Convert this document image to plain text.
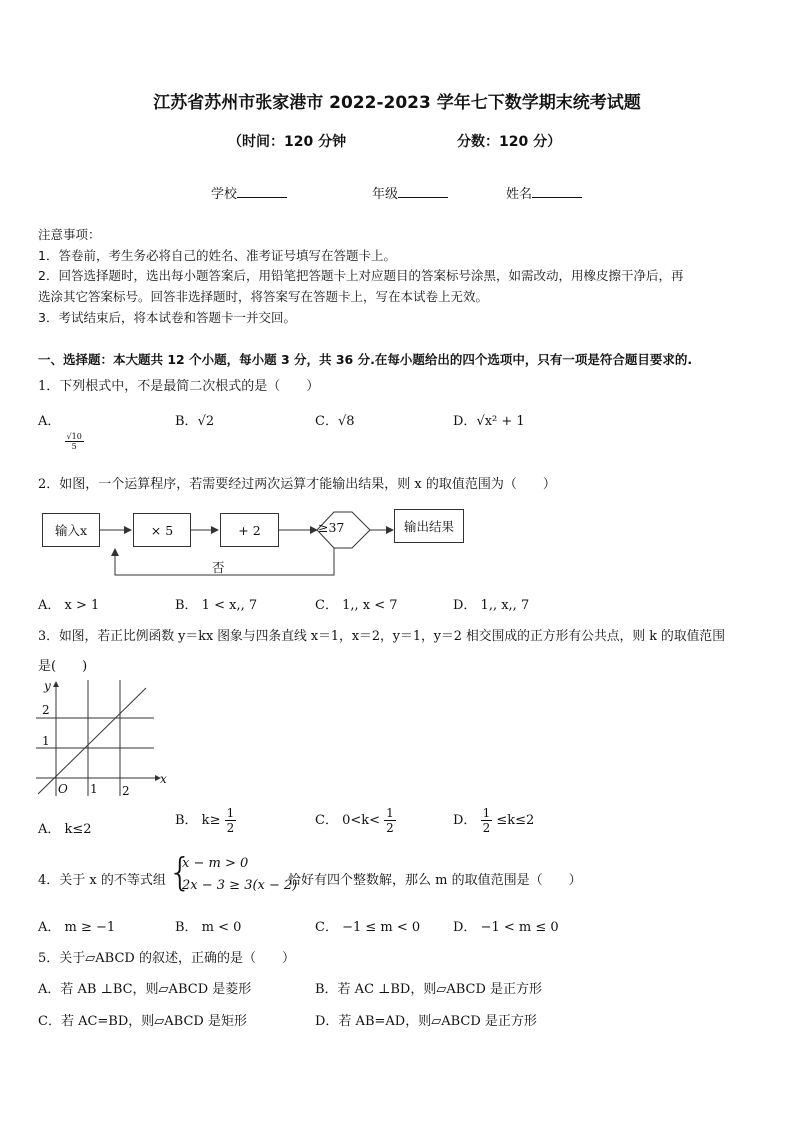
江苏省苏州市张家港市 2022-2023 学年七下数学期末统考试题
（时间：120 分钟	分数：120 分）
学校	年级	姓名
注意事项：
1．答卷前，考生务必将自己的姓名、准考证号填写在答题卡上。
2．回答选择题时，选出每小题答案后，用铅笔把答题卡上对应题目的答案标号涂黑，如需改动，用橡皮擦干净后，再
选涂其它答案标号。回答非选择题时，将答案写在答题卡上，写在本试卷上无效。
3．考试结束后，将本试卷和答题卡一并交回。
一、选择题：本大题共 12 个小题，每小题 3 分，共 36 分.在每小题给出的四个选项中，只有一项是符合题目要求的.
1．下列根式中，不是最简二次根式的是（　　）
A．
$\frac{√10}{5}$
B．√2	C．√8	D．√x² + 1
2．如图，一个运算程序，若需要经过两次运算才能输出结果，则 x 的取值范围为（　　）
输入x	× 5	+ 2	≥37	输出结果
否
A． x > 1	B． 1 < x,, 7	C． 1,, x < 7	D． 1,, x,, 7
3．如图，若正比例函数 y＝kx 图象与四条直线 x＝1，x＝2，y＝1，y＝2 相交围成的正方形有公共点，则 k 的取值范围
是(　　)
y
x
O 1 2
1
2
A． k≤2
B． $k\ge \frac{1}{2}$	C． $0<k< \frac{1}{2}$	D． $\frac{1}{2} \le k\le 2$
4．关于 x 的不等式组 {
x − m > 0
2x − 3 ≥ 3(x − 2)
恰好有四个整数解，那么 m 的取值范围是（　　）
A． m ≥ −1	B． m < 0	C． −1 ≤ m < 0	D． −1 < m ≤ 0
5．关于▱ABCD 的叙述，正确的是（　　）
A．若 AB ⊥BC，则▱ABCD 是菱形	B．若 AC ⊥BD，则▱ABCD 是正方形
C．若 AC=BD，则▱ABCD 是矩形	D．若 AB=AD，则▱ABCD 是正方形
